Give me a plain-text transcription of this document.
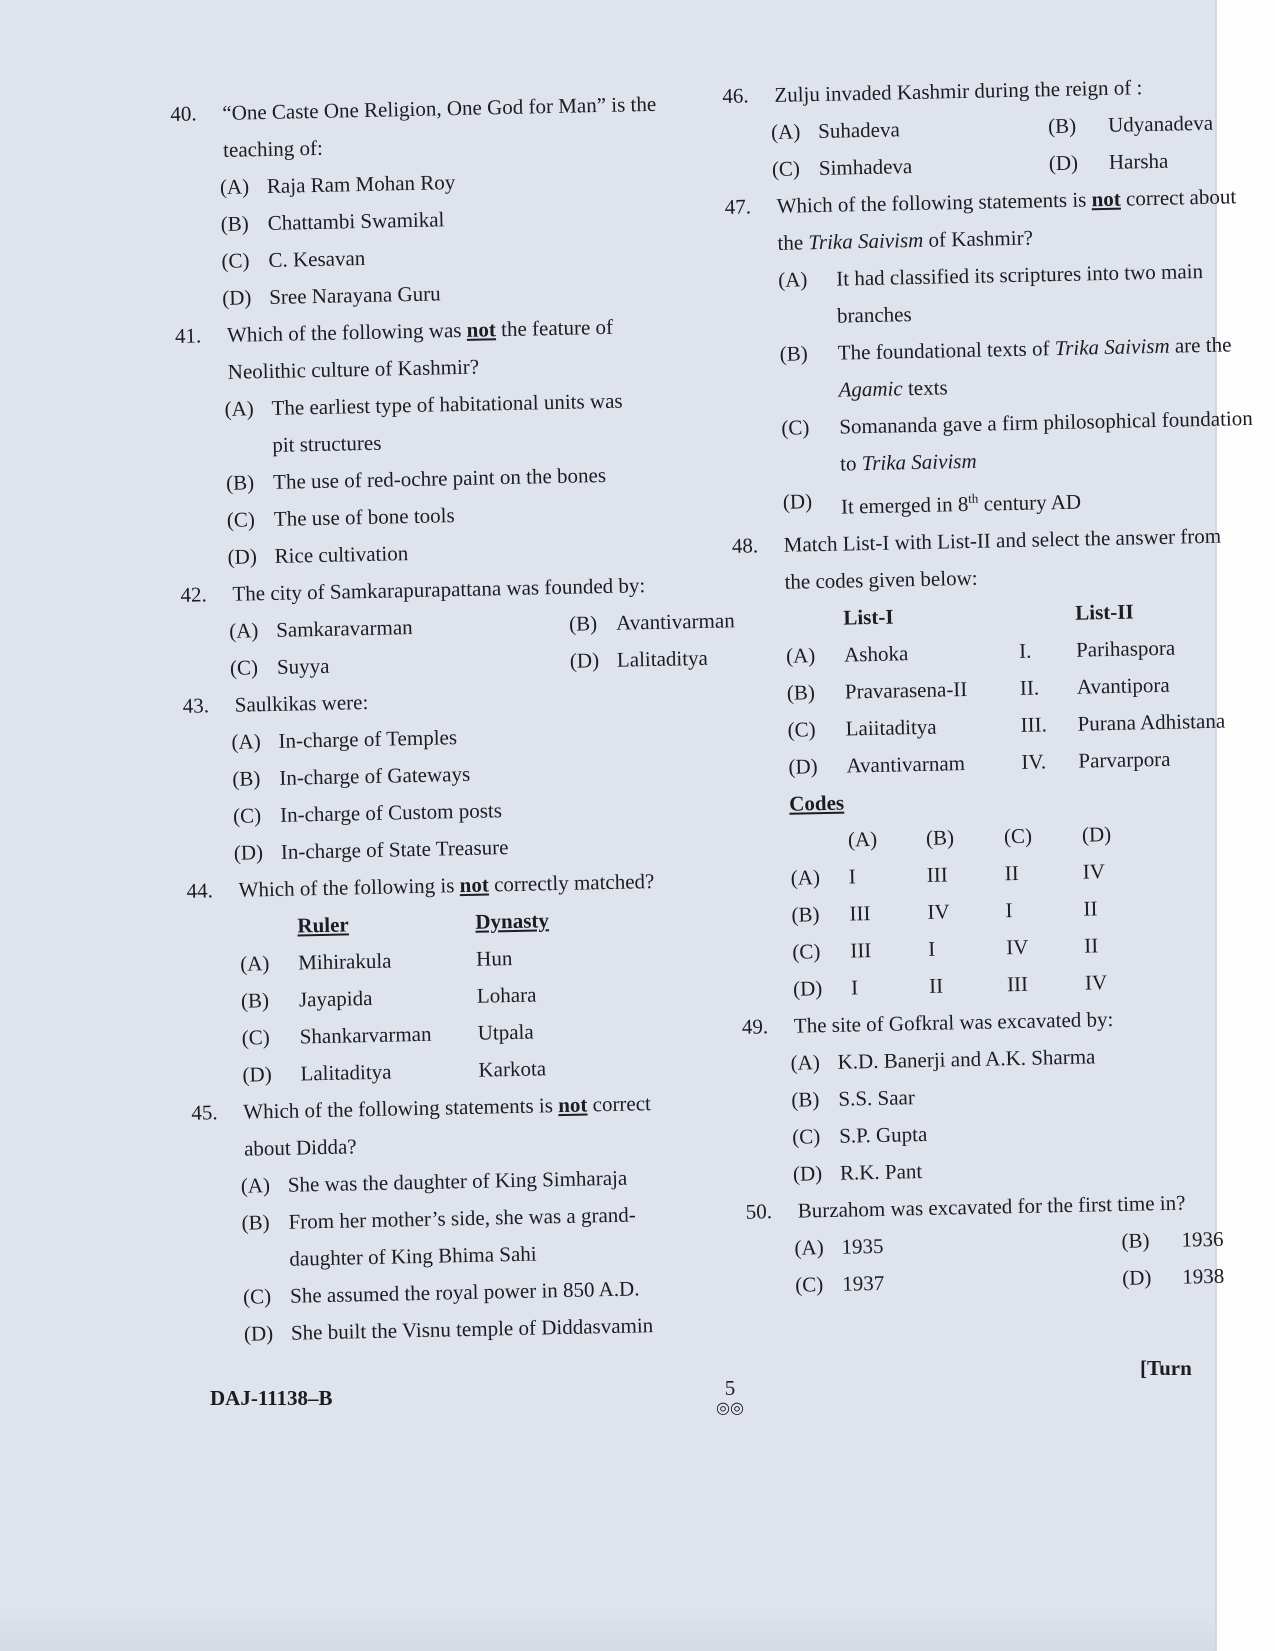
40. “One Caste One Religion, One God for Man” is the
teaching of:
(A) Raja Ram Mohan Roy
(B) Chattambi Swamikal
(C) C. Kesavan
(D) Sree Narayana Guru
41. Which of the following was not the feature of
Neolithic culture of Kashmir?
(A) The earliest type of habitational units was
pit structures
(B) The use of red-ochre paint on the bones
(C) The use of bone tools
(D) Rice cultivation
42. The city of Samkarapurapattana was founded by:
(A) Samkaravarman	(B) Avantivarman
(C) Suyya	(D) Lalitaditya
43. Saulkikas were:
(A) In-charge of Temples
(B) In-charge of Gateways
(C) In-charge of Custom posts
(D) In-charge of State Treasure
44. Which of the following is not correctly matched?
	Ruler	Dynasty
(A)	Mihirakula	Hun
(B)	Jayapida	Lohara
(C)	Shankarvarman	Utpala
(D)	Lalitaditya	Karkota
45. Which of the following statements is not correct
about Didda?
(A) She was the daughter of King Simharaja
(B) From her mother’s side, she was a grand-
daughter of King Bhima Sahi
(C) She assumed the royal power in 850 A.D.
(D) She built the Visnu temple of Diddasvamin
46. Zulju invaded Kashmir during the reign of :
(A) Suhadeva	(B) Udyanadeva
(C) Simhadeva	(D) Harsha
47. Which of the following statements is not correct about
the Trika Saivism of Kashmir?
(A) It had classified its scriptures into two main
branches
(B) The foundational texts of Trika Saivism are the
Agamic texts
(C) Somananda gave a firm philosophical foundation
to Trika Saivism
(D) It emerged in 8th century AD
48. Match List-I with List-II and select the answer from
the codes given below:
	List-I		List-II
(A)	Ashoka	I.	Parihaspora
(B)	Pravarasena-II	II.	Avantipora
(C)	Laiitaditya	III.	Purana Adhistana
(D)	Avantivarnam	IV.	Parvarpora
Codes
	(A)	(B)	(C)	(D)
(A)	I	III	II	IV
(B)	III	IV	I	II
(C)	III	I	IV	II
(D)	I	II	III	IV
49. The site of Gofkral was excavated by:
(A) K.D. Banerji and A.K. Sharma
(B) S.S. Saar
(C) S.P. Gupta
(D) R.K. Pant
50. Burzahom was excavated for the first time in?
(A) 1935	(B) 1936
(C) 1937	(D) 1938
DAJ-11138–B	5
◎◎
[Turn
